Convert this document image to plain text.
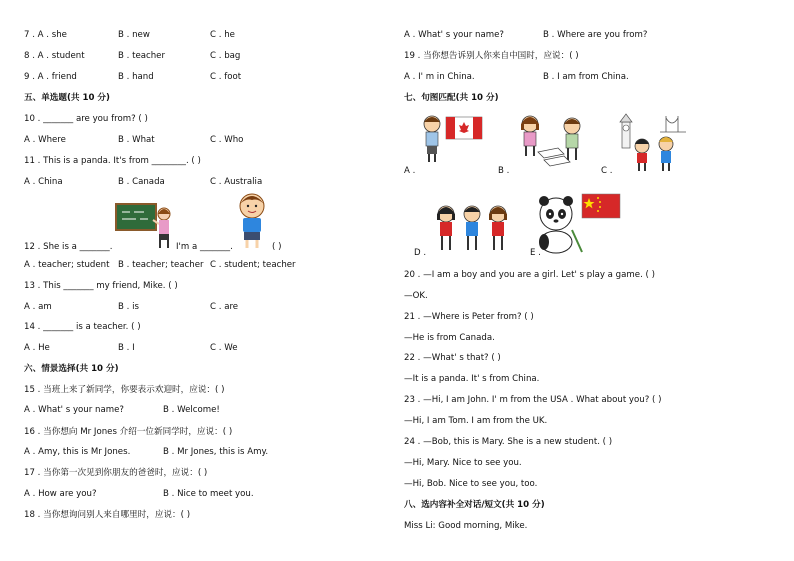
7 . A . she	B . new	C . he
8 . A . student	B . teacher	C . bag
9 . A . friend	B . hand	C . foot
五、单选题(共 10 分)
10 . _______ are you from? ( )
A . Where	B . What	C . Who
11 . This is a panda. It's from ________. ( )
A . China	B . Canada	C . Australia
12 . She is a _______.	I'm a _______.	( )
A . teacher; student B . teacher; teacher C . student; teacher
13 . This _______ my friend, Mike. ( )
A . am	B . is	C . are
14 . _______ is a teacher. ( )
A . He	B . I	C . We
六、情景选择(共 10 分)
15 . 当班上来了新同学，你要表示欢迎时，应说：( )
A . What' s your name?	B . Welcome!
16 . 当你想向 Mr Jones 介绍一位新同学时，应说：( )
A . Amy, this is Mr Jones.	B . Mr Jones, this is Amy.
17 . 当你第一次见到你朋友的爸爸时，应说：( )
A . How are you?	B . Nice to meet you.
18 . 当你想询问别人来自哪里时，应说：( )
A . What' s your name?	B . Where are you from?
19 . 当你想告诉别人你来自中国时，应说：( )
A . I' m in China.	B . I am from China.
七、句图匹配(共 10 分)
A .	B .	C .
D .	E .
20 . —I am a boy and you are a girl. Let' s play a game. ( )
—OK.
21 . —Where is Peter from? ( )
—He is from Canada.
22 . —What' s that? ( )
—It is a panda. It' s from China.
23 . —Hi, I am John. I' m from the USA . What about you? ( )
—Hi, I am Tom. I am from the UK.
24 . —Bob, this is Mary. She is a new student. ( )
—Hi, Mary. Nice to see you.
—Hi, Bob. Nice to see you, too.
八、选内容补全对话/短文(共 10 分)
Miss Li: Good morning, Mike.
